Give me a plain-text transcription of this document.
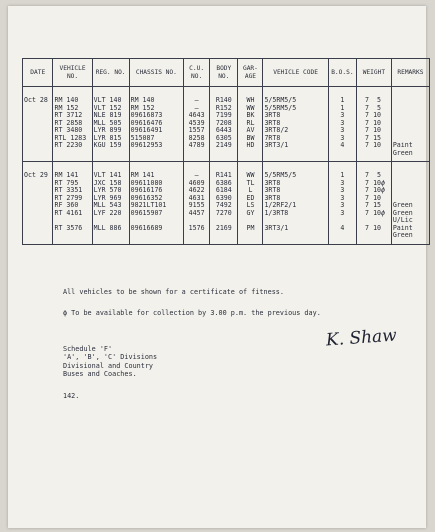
DATE	VEHICLE NO.	REG. NO.	CHASSIS NO.	C.U. NO.	BODY NO.	GAR- AGE	VEHICLE CODE	B.O.S.	WEIGHT	REMARKS
Oct 28	RM 140	VLT 140	RM 140	–	R140	WH	5/5RM5/5	1	7 5	
	RM 152	VLT 152	RM 152	–	R152	WW	5/5RM5/5	1	7 5	
	RT 3712	NLE 819	09616873	4643	7199	BK	3RT8	3	7 10	
	RT 2858	MLL 505	09616476	4539	7208	RL	3RT8	3	7 10	
	RT 3480	LYR 899	09616491	1557	6443	AV	3RT8/2	3	7 10	
	RTL 1283	LYR 815	515087	8258	6305	BW	7RT8	3	7 15	
	RT 2230	KGU 159	09612953	4789	2149	HD	3RT3/1	4	7 10	Paint
Green

Oct 29	RM 141	VLT 141	RM 141	–	R141	WW	5/5RM5/5	1	7 5	
	RT 795	JXC 158	09611080	4609	6386	TL	3RT8	3	7 10ϕ	
	RT 3351	LYR 570	09616176	4622	6184	L	3RT8	3	7 10ϕ	
	RT 2799	LYR 969	09616352	4631	6390	ED	3RT8	3	7 10	
	RF 360	MLL 543	9821LT101	9155	7492	LS	1/2RF2/1	3	7 15	Green

	RT 4161	LYF 220	09615907	4457	7270	GY	1/3RT8	3	7 10ϕ	Green
U/Lic

	RT 3576	MLL 886	09616689	1576	2169	PM	3RT3/1	4	7 10	Paint
Green
All vehicles to be shown for a certificate of fitness.
ϕ To be available for collection by 3.00 p.m. the previous day.
K. Shaw
Schedule 'F'
'A', 'B', 'C' Divisions
Divisional and Country
Buses and Coaches.
142.
